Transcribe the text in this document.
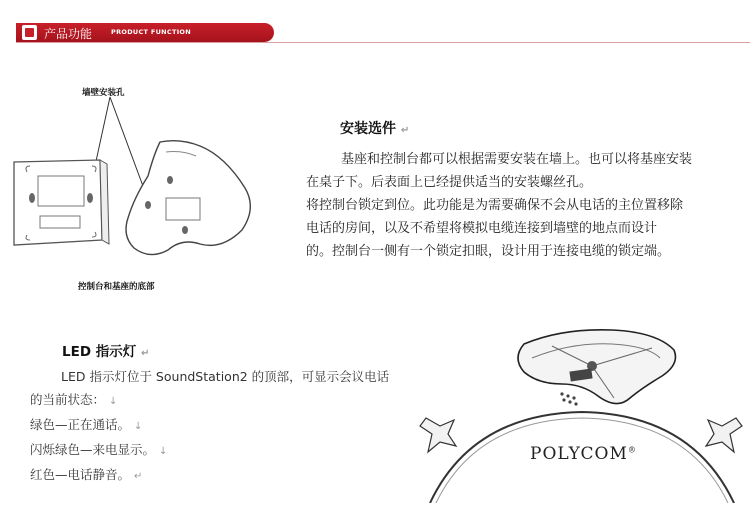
产品功能	PRODUCT FUNCTION
墙壁安装孔
控制台和基座的底部
安装选件 ↵
基座和控制台都可以根据需要安装在墙上。也可以将基座安装
在桌子下。后表面上已经提供适当的安装螺丝孔。
将控制台锁定到位。此功能是为需要确保不会从电话的主位置移除
电话的房间，以及不希望将模拟电缆连接到墙壁的地点而设计
的。控制台一侧有一个锁定扣眼，设计用于连接电缆的锁定端。
LED 指示灯 ↵
LED 指示灯位于 SoundStation2 的顶部，可显示会议电话
的当前状态： ↓
绿色—正在通话。 ↓
闪烁绿色—来电显示。 ↓
红色—电话静音。 ↵
POLYCOM®
